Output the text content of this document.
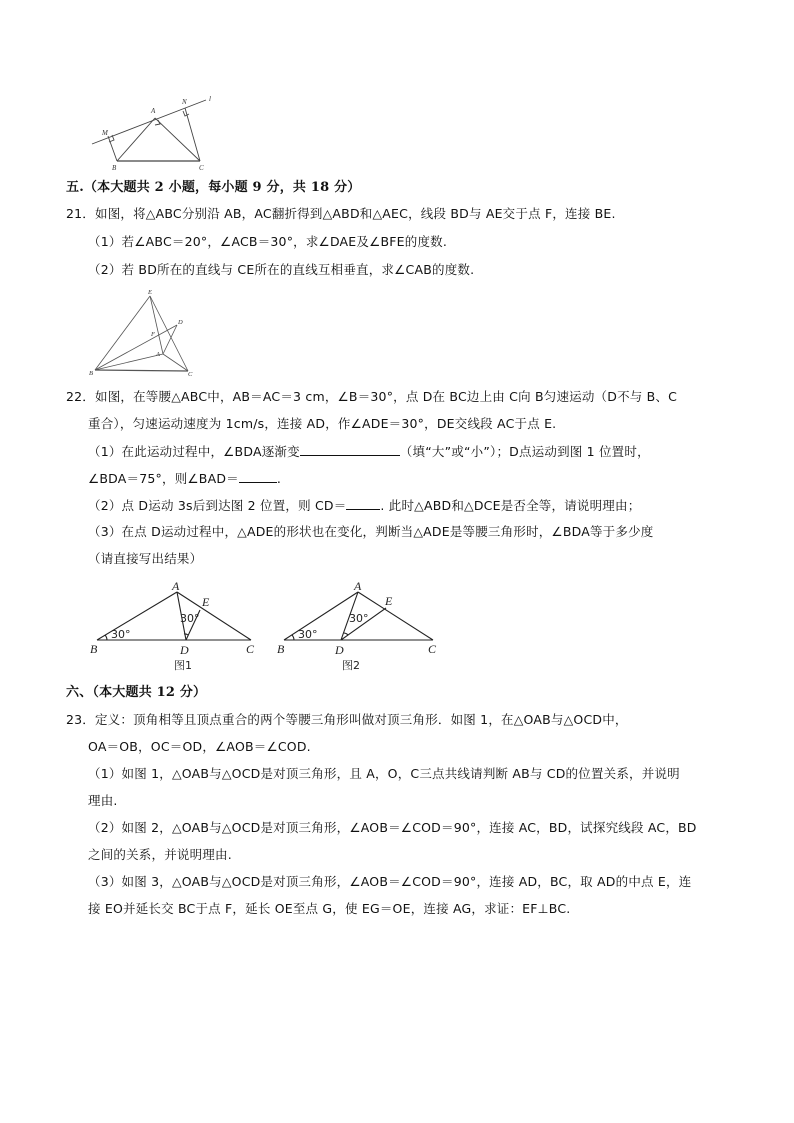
M
A
N	l
B	C
五.（本大题共 2 小题，每小题 9 分，共 18 分）
21．如图，将△ABC分别沿 AB，AC翻折得到△ABD和△AEC，线段 BD与 AE交于点 F，连接 BE.
（1）若∠ABC＝20°，∠ACB＝30°，求∠DAE及∠BFE的度数.
（2）若 BD所在的直线与 CE所在的直线互相垂直，求∠CAB的度数.
E
D
F
A
B	C
22．如图，在等腰△ABC中，AB＝AC＝3 cm，∠B＝30°，点 D在 BC边上由 C向 B匀速运动（D不与 B、C
重合），匀速运动速度为 1cm/s，连接 AD，作∠ADE＝30°，DE交线段 AC于点 E.
（1）在此运动过程中，∠BDA逐渐变	（填“大”或“小”）；D点运动到图 1 位置时，
∠BDA＝75°，则∠BAD＝	.
（2）点 D运动 3s后到达图 2 位置，则 CD＝	. 此时△ABD和△DCE是否全等，请说明理由；
（3）在点 D运动过程中，△ADE的形状也在变化，判断当△ADE是等腰三角形时，∠BDA等于多少度
（请直接写出结果）
30°
30°
A
E
B	D	C
图1
30°
30°
A
E
B	D	C
图2
六、（本大题共 12 分）
23．定义：顶角相等且顶点重合的两个等腰三角形叫做对顶三角形．如图 1，在△OAB与△OCD中，
OA＝OB，OC＝OD，∠AOB＝∠COD.
（1）如图 1，△OAB与△OCD是对顶三角形，且 A，O，C三点共线请判断 AB与 CD的位置关系，并说明
理由.
（2）如图 2，△OAB与△OCD是对顶三角形，∠AOB＝∠COD＝90°，连接 AC，BD，试探究线段 AC，BD
之间的关系，并说明理由.
（3）如图 3，△OAB与△OCD是对顶三角形，∠AOB＝∠COD＝90°，连接 AD，BC，取 AD的中点 E，连
接 EO并延长交 BC于点 F，延长 OE至点 G，使 EG＝OE，连接 AG，求证：EF⊥BC.
